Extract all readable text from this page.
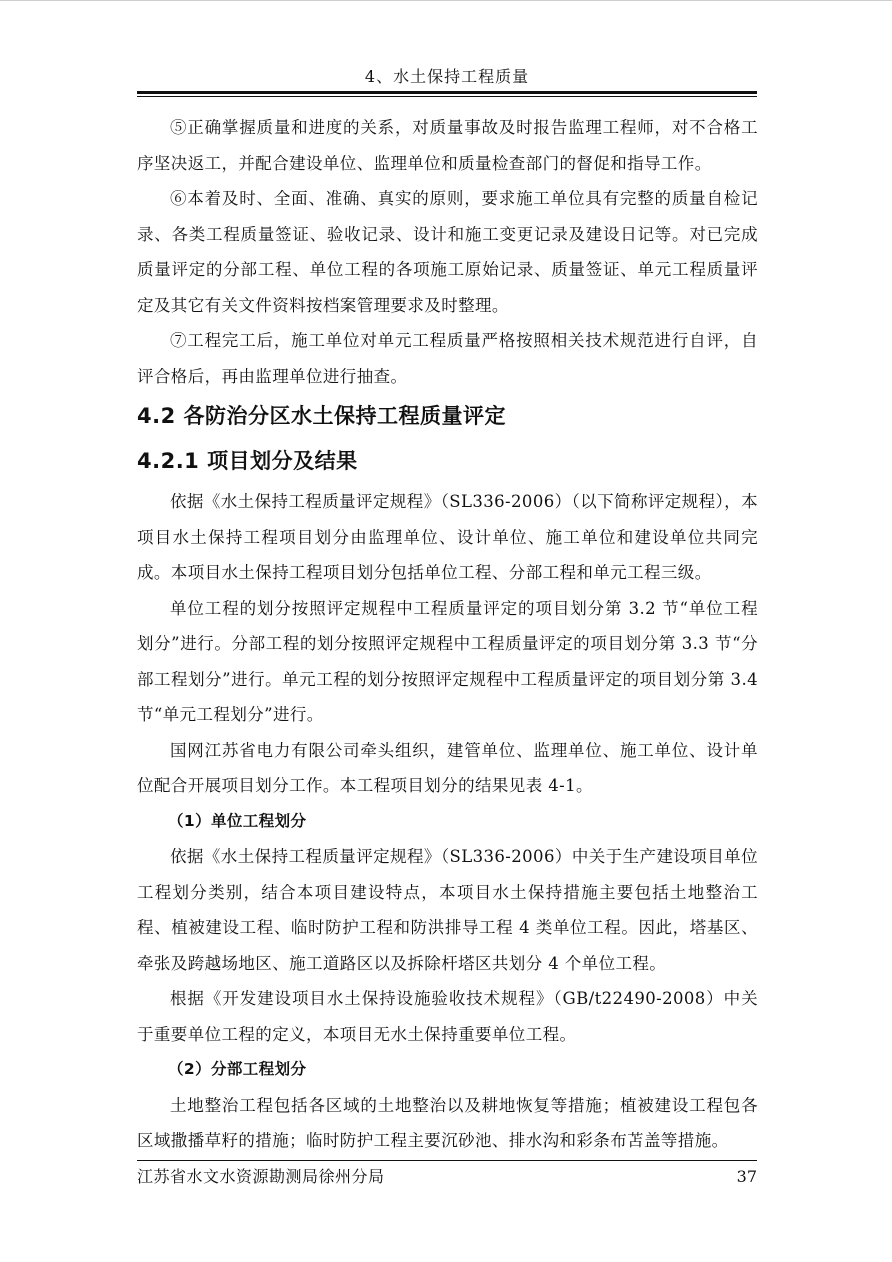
4、水土保持工程质量

⑤正确掌握质量和进度的关系，对质量事故及时报告监理工程师，对不合格工序坚决返工，并配合建设单位、监理单位和质量检查部门的督促和指导工作。

⑥本着及时、全面、准确、真实的原则，要求施工单位具有完整的质量自检记录、各类工程质量签证、验收记录、设计和施工变更记录及建设日记等。对已完成质量评定的分部工程、单位工程的各项施工原始记录、质量签证、单元工程质量评定及其它有关文件资料按档案管理要求及时整理。

⑦工程完工后，施工单位对单元工程质量严格按照相关技术规范进行自评，自评合格后，再由监理单位进行抽查。

4.2 各防治分区水土保持工程质量评定
4.2.1 项目划分及结果

依据《水土保持工程质量评定规程》（SL336-2006）（以下简称评定规程），本项目水土保持工程项目划分由监理单位、设计单位、施工单位和建设单位共同完成。本项目水土保持工程项目划分包括单位工程、分部工程和单元工程三级。

单位工程的划分按照评定规程中工程质量评定的项目划分第 3.2 节“单位工程划分”进行。分部工程的划分按照评定规程中工程质量评定的项目划分第 3.3 节“分部工程划分”进行。单元工程的划分按照评定规程中工程质量评定的项目划分第 3.4 节“单元工程划分”进行。

国网江苏省电力有限公司牵头组织，建管单位、监理单位、施工单位、设计单位配合开展项目划分工作。本工程项目划分的结果见表 4-1。

（1）单位工程划分

依据《水土保持工程质量评定规程》（SL336-2006）中关于生产建设项目单位工程划分类别，结合本项目建设特点，本项目水土保持措施主要包括土地整治工程、植被建设工程、临时防护工程和防洪排导工程 4 类单位工程。因此，塔基区、牵张及跨越场地区、施工道路区以及拆除杆塔区共划分 4 个单位工程。

根据《开发建设项目水土保持设施验收技术规程》（GB/t22490-2008）中关于重要单位工程的定义，本项目无水土保持重要单位工程。

（2）分部工程划分

土地整治工程包括各区域的土地整治以及耕地恢复等措施；植被建设工程包各区域撒播草籽的措施；临时防护工程主要沉砂池、排水沟和彩条布苫盖等措施。

江苏省水文水资源勘测局徐州分局	37
